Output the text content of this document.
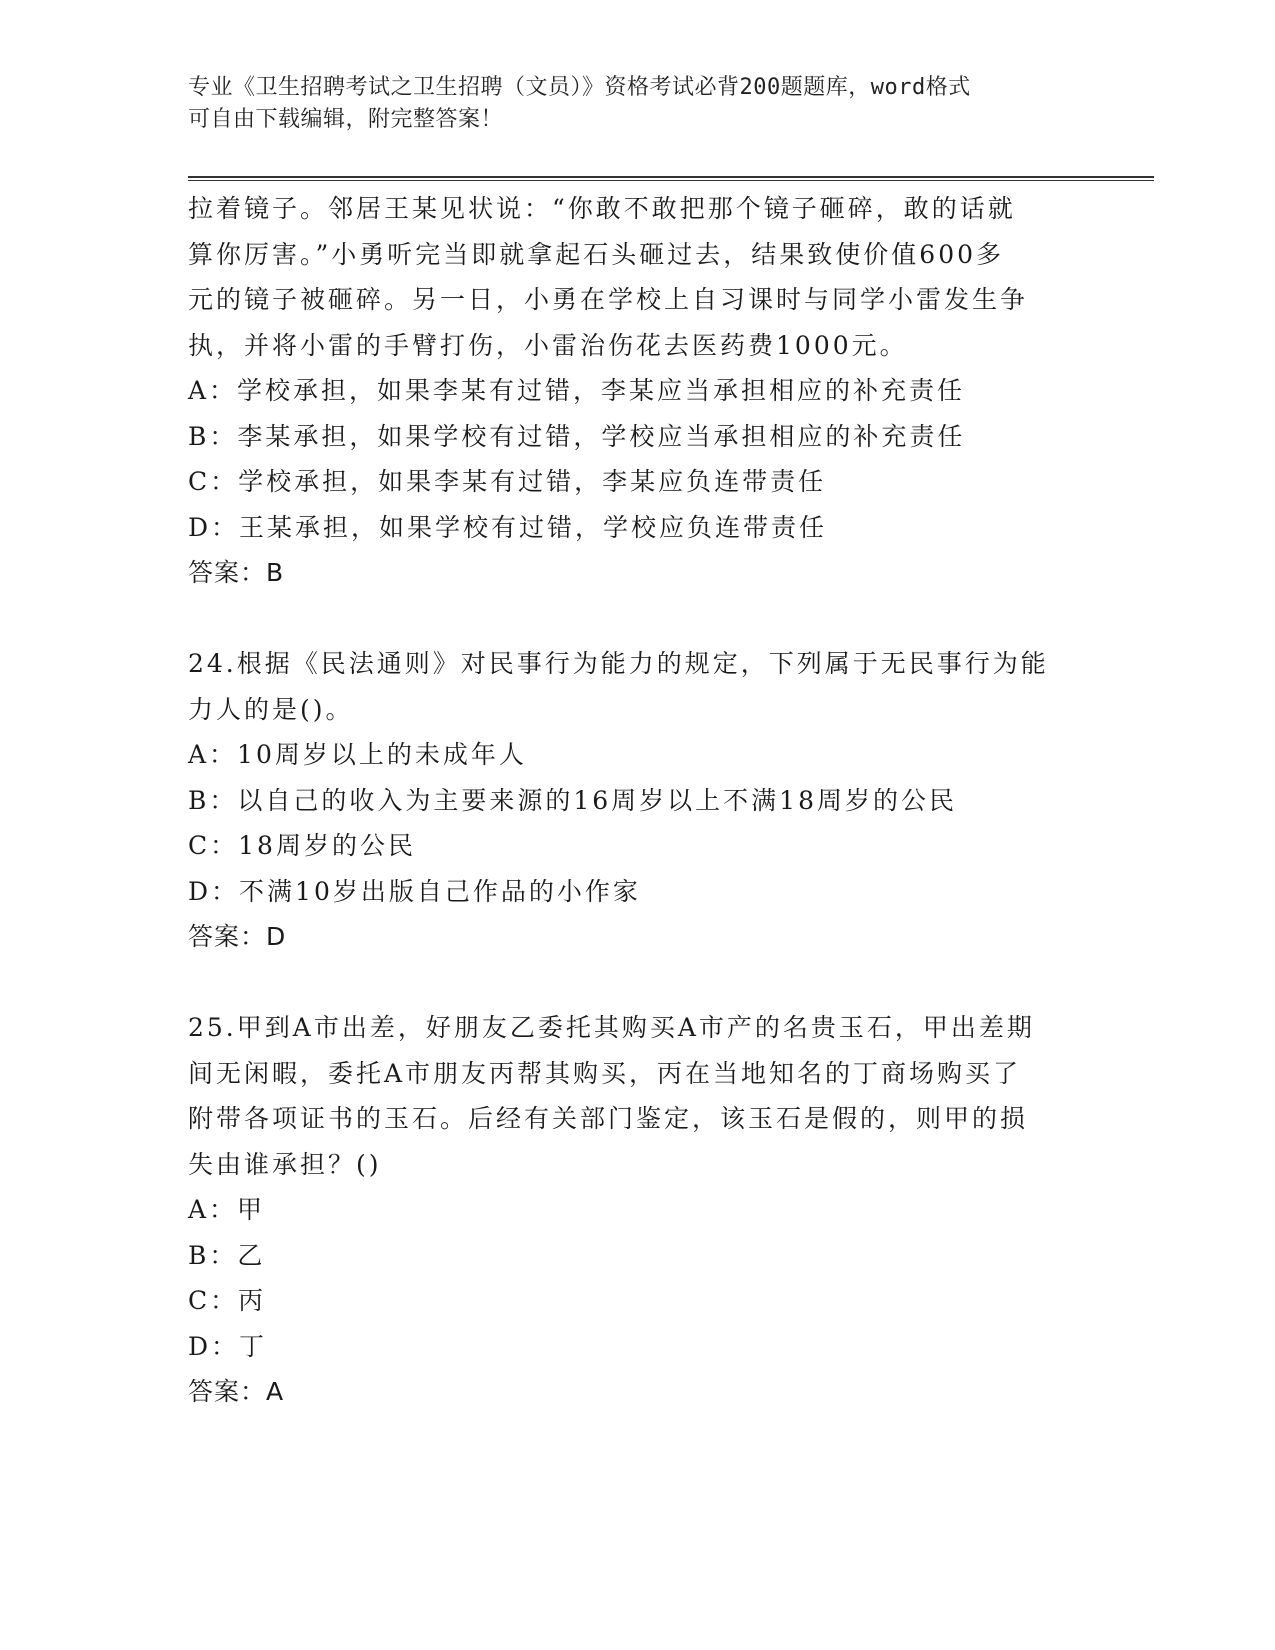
专业《卫生招聘考试之卫生招聘（文员）》资格考试必背200题题库，word格式
可自由下载编辑，附完整答案！
拉着镜子。邻居王某见状说：“你敢不敢把那个镜子砸碎，敢的话就
算你厉害。”小勇听完当即就拿起石头砸过去，结果致使价值600多
元的镜子被砸碎。另一日，小勇在学校上自习课时与同学小雷发生争
执，并将小雷的手臂打伤，小雷治伤花去医药费1000元。
A：学校承担，如果李某有过错，李某应当承担相应的补充责任
B：李某承担，如果学校有过错，学校应当承担相应的补充责任
C：学校承担，如果李某有过错，李某应负连带责任
D：王某承担，如果学校有过错，学校应负连带责任
答案：B
24.根据《民法通则》对民事行为能力的规定，下列属于无民事行为能
力人的是()。
A：10周岁以上的未成年人
B：以自己的收入为主要来源的16周岁以上不满18周岁的公民
C：18周岁的公民
D：不满10岁出版自己作品的小作家
答案：D
25.甲到A市出差，好朋友乙委托其购买A市产的名贵玉石，甲出差期
间无闲暇，委托A市朋友丙帮其购买，丙在当地知名的丁商场购买了
附带各项证书的玉石。后经有关部门鉴定，该玉石是假的，则甲的损
失由谁承担？()
A：甲
B：乙
C：丙
D：丁
答案：A
